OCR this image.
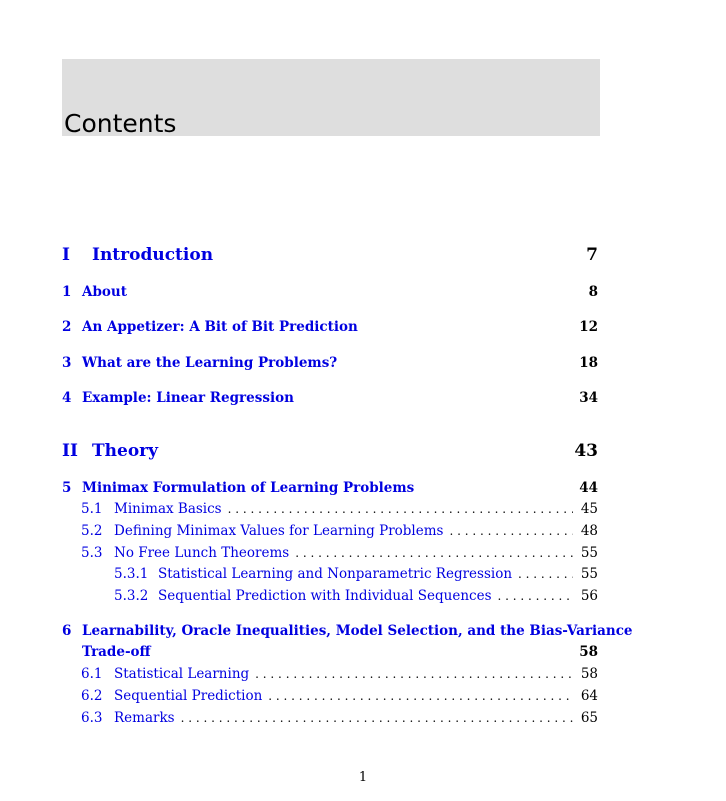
Contents
I Introduction	7
1 About	8
2 An Appetizer: A Bit of Bit Prediction	12
3 What are the Learning Problems?	18
4 Example: Linear Regression	34
II Theory	43
5 Minimax Formulation of Learning Problems	44
5.1 Minimax Basics . . .	45
5.2 Defining Minimax Values for Learning Problems . . .	48
5.3 No Free Lunch Theorems . . .	55
5.3.1 Statistical Learning and Nonparametric Regression . . .	55
5.3.2 Sequential Prediction with Individual Sequences . . .	56
6 Learnability, Oracle Inequalities, Model Selection, and the Bias-Variance
Trade-off	58
6.1 Statistical Learning . . .	58
6.2 Sequential Prediction . . .	64
6.3 Remarks . . .	65
1
